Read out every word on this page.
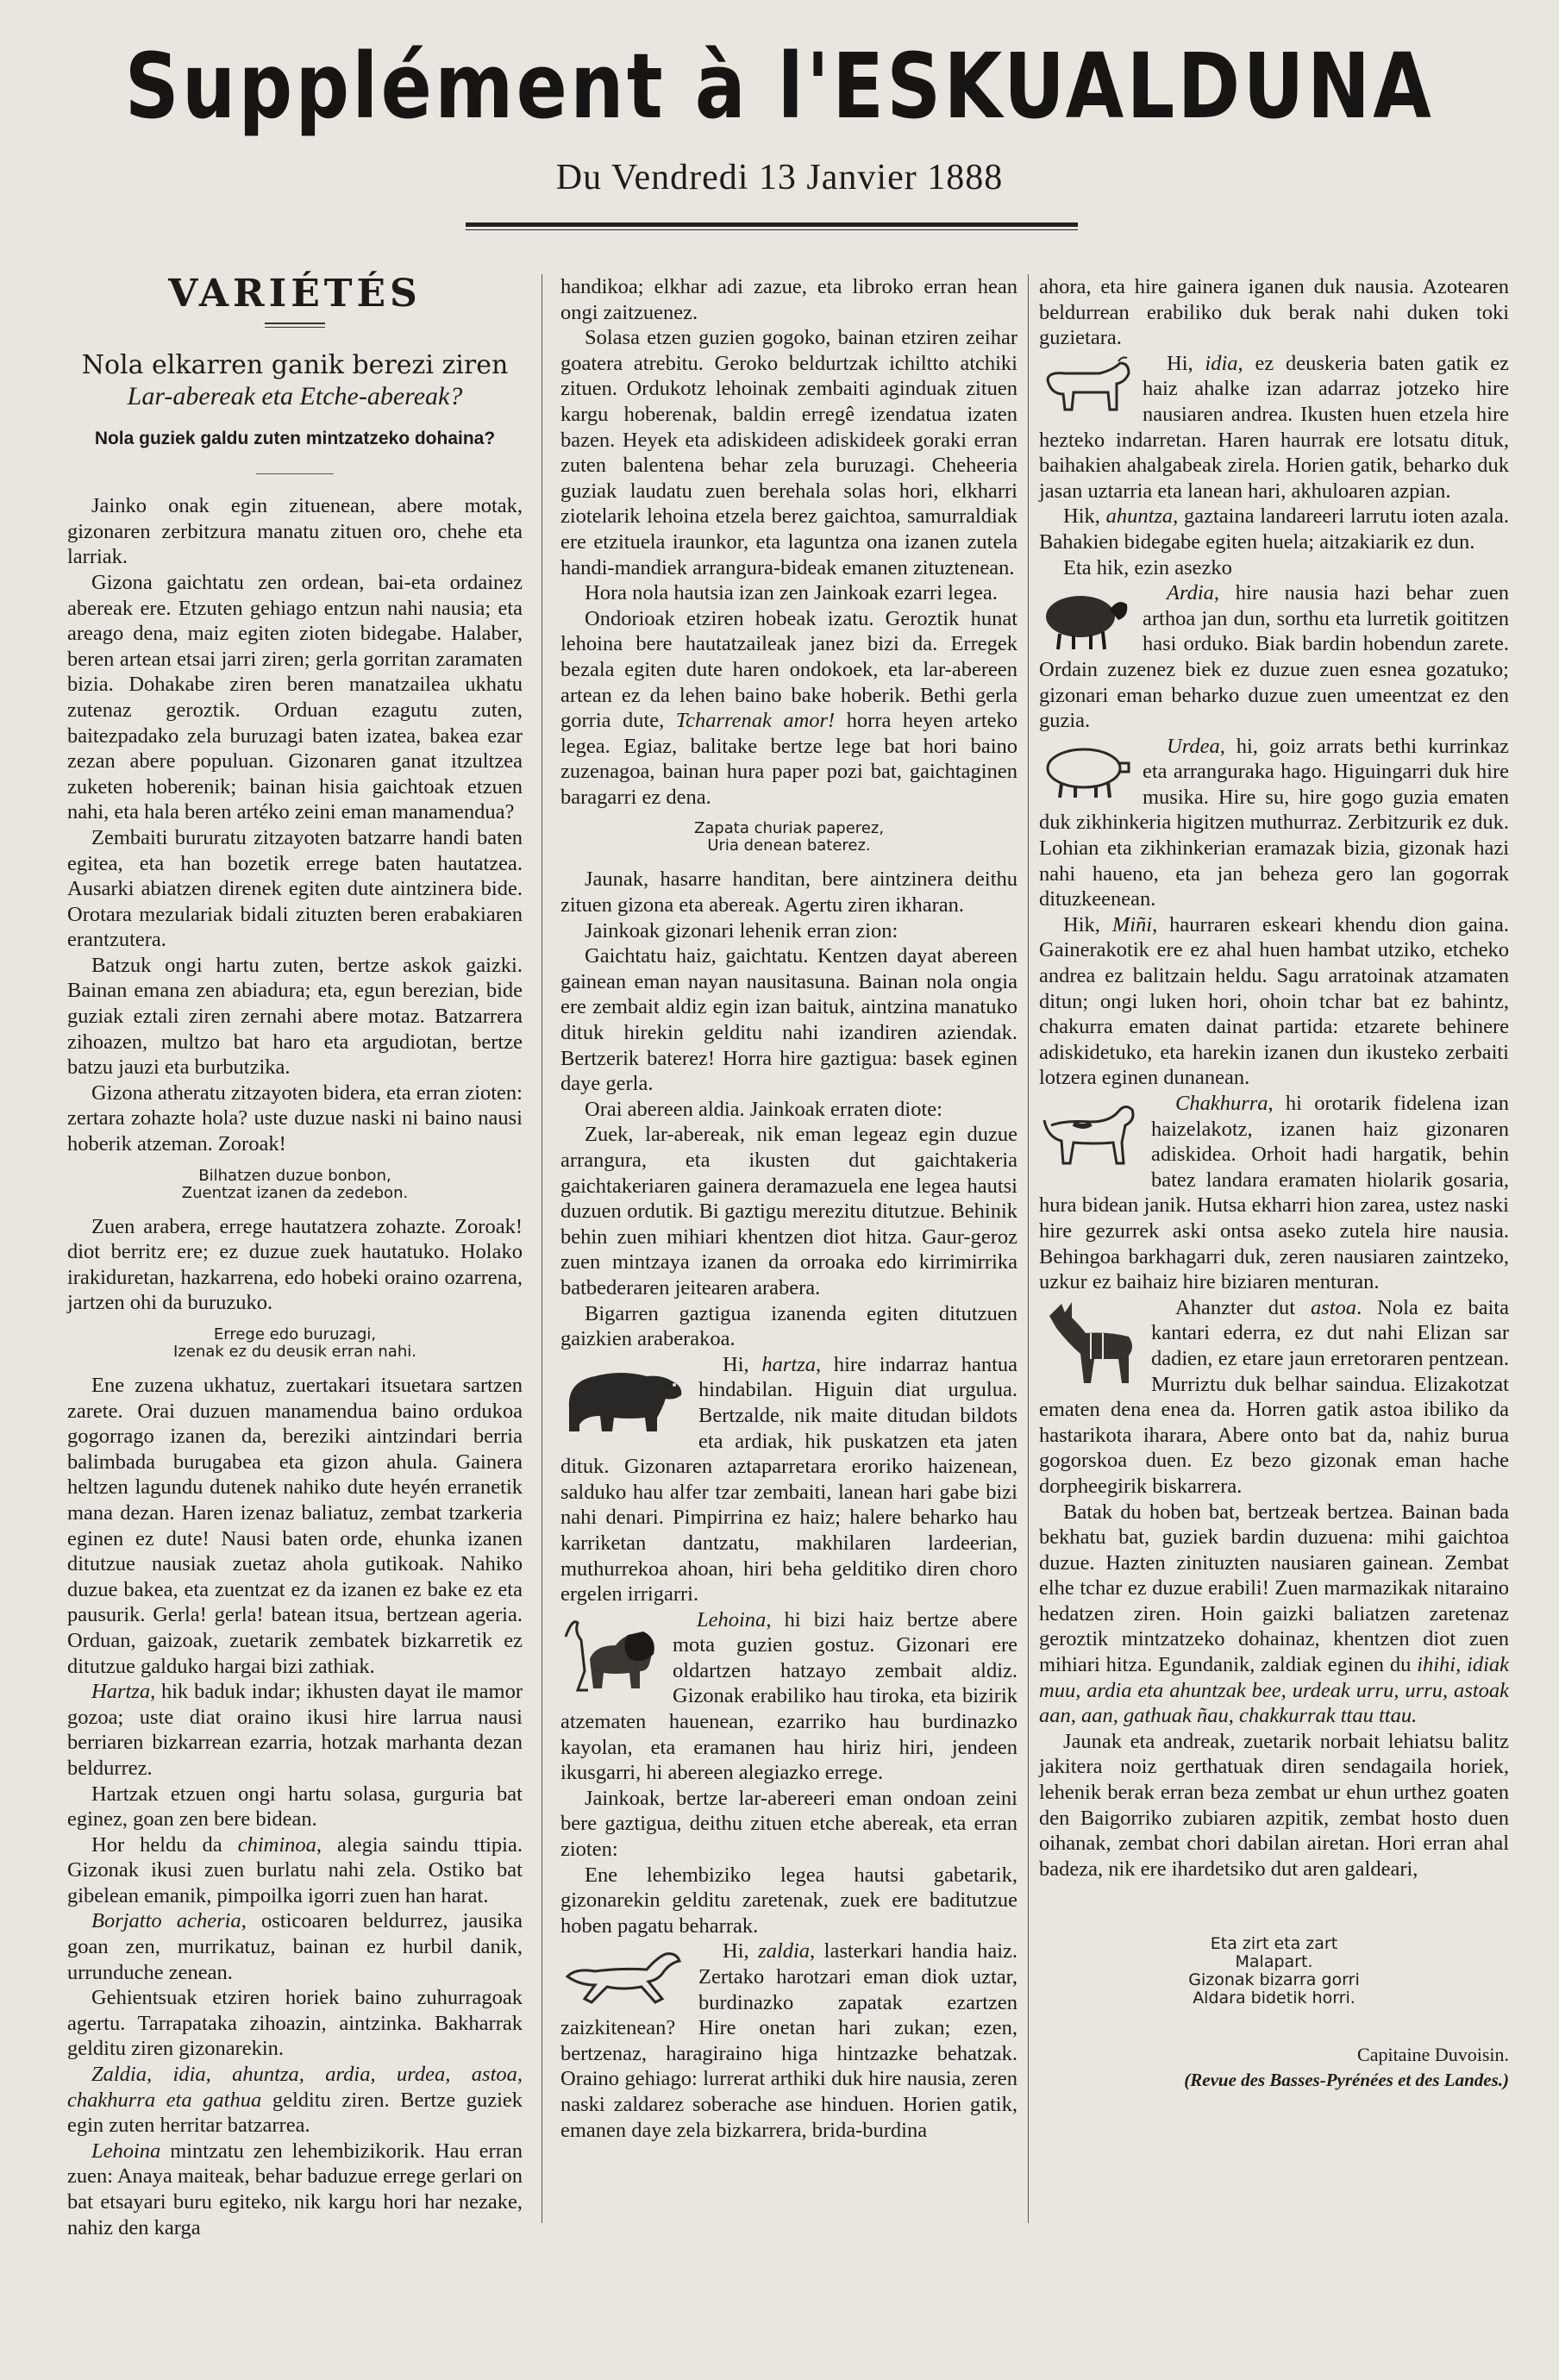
Supplément à l'ESKUALDUNA
Du Vendredi 13 Janvier 1888
VARIÉTÉS
Nola elkarren ganik berezi ziren
Lar-abereak eta Etche-abereak?
Nola guziek galdu zuten mintzatzeko dohaina?

Jainko onak egin zituenean, abere motak, gizonaren zerbitzura manatu zituen oro, chehe eta larriak.

Gizona gaichtatu zen ordean, bai-eta ordainez abereak ere. Etzuten gehiago entzun nahi nausia; eta areago dena, maiz egiten zioten bidegabe. Halaber, beren artean etsai jarri ziren; gerla gorritan zaramaten bizia. Dohakabe ziren beren manatzailea ukhatu zutenaz geroztik. Orduan ezagutu zuten, baitezpadako zela buruzagi baten izatea, bakea ezar zezan abere populuan. Gizonaren ganat itzultzea zuketen hoberenik; bainan hisia gaichtoak etzuen nahi, eta hala beren artéko zeini eman manamendua?

Zembaiti bururatu zitzayoten batzarre handi baten egitea, eta han bozetik errege baten hautatzea. Ausarki abiatzen direnek egiten dute aintzinera bide. Orotara mezulariak bidali zituzten beren erabakiaren erantzutera.

Batzuk ongi hartu zuten, bertze askok gaizki. Bainan emana zen abiadura; eta, egun berezian, bide guziak eztali ziren zernahi abere motaz. Batzarrera zihoazen, multzo bat haro eta argudiotan, bertze batzu jauzi eta burbutzika.

Gizona atheratu zitzayoten bidera, eta erran zioten: zertara zohazte hola? uste duzue naski ni baino nausi hoberik atzeman. Zoroak!

Bilhatzen duzue bonbon,
Zuentzat izanen da zedebon.

Zuen arabera, errege hautatzera zohazte. Zoroak! diot berritz ere; ez duzue zuek hautatuko. Holako irakiduretan, hazkarrena, edo hobeki oraino ozarrena, jartzen ohi da buruzuko.

Errege edo buruzagi,
Izenak ez du deusik erran nahi.

Ene zuzena ukhatuz, zuertakari itsuetara sartzen zarete. Orai duzuen manamendua baino ordukoa gogorrago izanen da, bereziki aintzindari berria balimbada burugabea eta gizon ahula. Gainera heltzen lagundu dutenek nahiko dute heyén erranetik mana dezan. Haren izenaz baliatuz, zembat tzarkeria eginen ez dute! Nausi baten orde, ehunka izanen ditutzue nausiak zuetaz ahola gutikoak. Nahiko duzue bakea, eta zuentzat ez da izanen ez bake ez eta pausurik. Gerla! gerla! batean itsua, bertzean ageria. Orduan, gaizoak, zuetarik zembatek bizkarretik ez ditutzue galduko hargai bizi zathiak.

Hartza, hik baduk indar; ikhusten dayat ile mamor gozoa; uste diat oraino ikusi hire larrua nausi berriaren bizkarrean ezarria, hotzak marhanta dezan beldurrez.

Hartzak etzuen ongi hartu solasa, gurguria bat eginez, goan zen bere bidean.

Hor heldu da chiminoa, alegia saindu ttipia. Gizonak ikusi zuen burlatu nahi zela. Ostiko bat gibelean emanik, pimpoilka igorri zuen han harat.

Borjatto acheria, osticoaren beldurrez, jausika goan zen, murrikatuz, bainan ez hurbil danik, urrunduche zenean.

Gehientsuak etziren horiek baino zuhurragoak agertu. Tarrapataka zihoazin, aintzinka. Bakharrak gelditu ziren gizonarekin.

Zaldia, idia, ahuntza, ardia, urdea, astoa, chakhurra eta gathua gelditu ziren. Bertze guziek egin zuten herritar batzarrea.

Lehoina mintzatu zen lehembizikorik. Hau erran zuen: Anaya maiteak, behar baduzue errege gerlari on bat etsayari buru egiteko, nik kargu hori har nezake, nahiz den karga

handikoa; elkhar adi zazue, eta libroko erran hean ongi zaitzuenez.

Solasa etzen guzien gogoko, bainan etziren zeihar goatera atrebitu. Geroko beldurtzak ichiltto atchiki zituen. Ordukotz lehoinak zembaiti aginduak zituen kargu hoberenak, baldin erregê izendatua izaten bazen. Heyek eta adiskideen adiskideek goraki erran zuten balentena behar zela buruzagi. Cheheeria guziak laudatu zuen berehala solas hori, elkharri ziotelarik lehoina etzela berez gaichtoa, samurraldiak ere etzituela iraunkor, eta laguntza ona izanen zutela handi-mandiek arrangura-bideak emanen zituztenean.

Hora nola hautsia izan zen Jainkoak ezarri legea.

Ondorioak etziren hobeak izatu. Geroztik hunat lehoina bere hautatzaileak janez bizi da. Erregek bezala egiten dute haren ondokoek, eta lar-abereen artean ez da lehen baino bake hoberik. Bethi gerla gorria dute, Tcharrenak amor! horra heyen arteko legea. Egiaz, balitake bertze lege bat hori baino zuzenagoa, bainan hura paper pozi bat, gaichtaginen baragarri ez dena.

Zapata churiak paperez,
Uria denean baterez.

Jaunak, hasarre handitan, bere aintzinera deithu zituen gizona eta abereak. Agertu ziren ikharan.

Jainkoak gizonari lehenik erran zion:

Gaichtatu haiz, gaichtatu. Kentzen dayat abereen gainean eman nayan nausitasuna. Bainan nola ongia ere zembait aldiz egin izan baituk, aintzina manatuko dituk hirekin gelditu nahi izandiren aziendak. Bertzerik baterez! Horra hire gaztigua: basek eginen daye gerla.

Orai abereen aldia. Jainkoak erraten diote:

Zuek, lar-abereak, nik eman legeaz egin duzue arrangura, eta ikusten dut gaichtakeria gaichtakeriaren gainera deramazuela ene legea hautsi duzuen ordutik. Bi gaztigu merezitu ditutzue. Behinik behin zuen mihiari khentzen diot hitza. Gaur-geroz zuen mintzaya izanen da orroaka edo kirrimirrika batbederaren jeitearen arabera.

Bigarren gaztigua izanenda egiten ditutzuen gaizkien araberakoa.

Hi, hartza, hire indarraz hantua hindabilan. Higuin diat urgulua. Bertzalde, nik maite ditudan bildots eta ardiak, hik puskatzen eta jaten dituk. Gizonaren aztaparretara eroriko haizenean, salduko hau alfer tzar zembaiti, lanean hari gabe bizi nahi denari. Pimpirrina ez haiz; halere beharko hau karriketan dantzatu, makhilaren lardeerian, muthurrekoa ahoan, hiri beha gelditiko diren choro ergelen irrigarri.

Lehoina, hi bizi haiz bertze abere mota guzien gostuz. Gizonari ere oldartzen hatzayo zembait aldiz. Gizonak erabiliko hau tiroka, eta bizirik atzematen hauenean, ezarriko hau burdinazko kayolan, eta eramanen hau hiriz hiri, jendeen ikusgarri, hi abereen alegiazko errege.

Jainkoak, bertze lar-abereeri eman ondoan zeini bere gaztigua, deithu zituen etche abereak, eta erran zioten:

Ene lehembiziko legea hautsi gabetarik, gizonarekin gelditu zaretenak, zuek ere baditutzue hoben pagatu beharrak.

Hi, zaldia, lasterkari handia haiz. Zertako harotzari eman diok uztar, burdinazko zapatak ezartzen zaizkitenean? Hire onetan hari zukan; ezen, bertzenaz, haragiraino higa hintzazke behatzak. Oraino gehiago: lurrerat arthiki duk hire nausia, zeren naski zaldarez soberache ase hinduen. Horien gatik, emanen daye zela bizkarrera, brida-burdina

ahora, eta hire gainera iganen duk nausia. Azotearen beldurrean erabiliko duk berak nahi duken toki guzietara.

Hi, idia, ez deuskeria baten gatik ez haiz ahalke izan adarraz jotzeko hire nausiaren andrea. Ikusten huen etzela hire hezteko indarretan. Haren haurrak ere lotsatu dituk, baihakien ahalgabeak zirela. Horien gatik, beharko duk jasan uztarria eta lanean hari, akhuloaren azpian.

Hik, ahuntza, gaztaina landareeri larrutu ioten azala. Bahakien bidegabe egiten huela; aitzakiarik ez dun.

Eta hik, ezin asezko

Ardia, hire nausia hazi behar zuen arthoa jan dun, sorthu eta lurretik goititzen hasi orduko. Biak bardin hobendun zarete. Ordain zuzenez biek ez duzue zuen esnea gozatuko; gizonari eman beharko duzue zuen umeentzat ez den guzia.

Urdea, hi, goiz arrats bethi kurrinkaz eta arranguraka hago. Higuingarri duk hire musika. Hire su, hire gogo guzia ematen duk zikhinkeria higitzen muthurraz. Zerbitzurik ez duk. Lohian eta zikhinkerian eramazak bizia, gizonak hazi nahi haueno, eta jan beheza gero lan gogorrak dituzkeenean.

Hik, Miñi, haurraren eskeari khendu dion gaina. Gainerakotik ere ez ahal huen hambat utziko, etcheko andrea ez balitzain heldu. Sagu arratoinak atzamaten ditun; ongi luken hori, ohoin tchar bat ez bahintz, chakurra ematen dainat partida: etzarete behinere adiskidetuko, eta harekin izanen dun ikusteko zerbaiti lotzera eginen dunanean.

Chakhurra, hi orotarik fidelena izan haizelakotz, izanen haiz gizonaren adiskidea. Orhoit hadi hargatik, behin batez landara eramaten hiolarik gosaria, hura bidean janik. Hutsa ekharri hion zarea, ustez naski hire gezurrek aski ontsa aseko zutela hire nausia. Behingoa barkhagarri duk, zeren nausiaren zaintzeko, uzkur ez baihaiz hire biziaren menturan.

Ahanzter dut astoa. Nola ez baita kantari ederra, ez dut nahi Elizan sar dadien, ez etare jaun erretoraren pentzean. Murriztu duk belhar saindua. Elizakotzat ematen dena enea da. Horren gatik astoa ibiliko da hastarikota iharara, Abere onto bat da, nahiz burua gogorskoa duen. Ez bezo gizonak eman hache dorpheegirik biskarrera.

Batak du hoben bat, bertzeak bertzea. Bainan bada bekhatu bat, guziek bardin duzuena: mihi gaichtoa duzue. Hazten zinituzten nausiaren gainean. Zembat elhe tchar ez duzue erabili! Zuen marmazikak nitaraino hedatzen ziren. Hoin gaizki baliatzen zaretenaz geroztik mintzatzeko dohainaz, khentzen diot zuen mihiari hitza. Egundanik, zaldiak eginen du ihihi, idiak muu, ardia eta ahuntzak bee, urdeak urru, urru, astoak aan, aan, gathuak ñau, chakkurrak ttau ttau.

Jaunak eta andreak, zuetarik norbait lehiatsu balitz jakitera noiz gerthatuak diren sendagaila horiek, lehenik berak erran beza zembat ur ehun urthez goaten den Baigorriko zubiaren azpitik, zembat hosto duen oihanak, zembat chori dabilan airetan. Hori erran ahal badeza, nik ere ihardetsiko dut aren galdeari,

Eta zirt eta zart
Malapart.
Gizonak bizarra gorri
Aldara bidetik horri.

Capitaine Duvoisin.

(Revue des Basses-Pyrénées et des Landes.)
